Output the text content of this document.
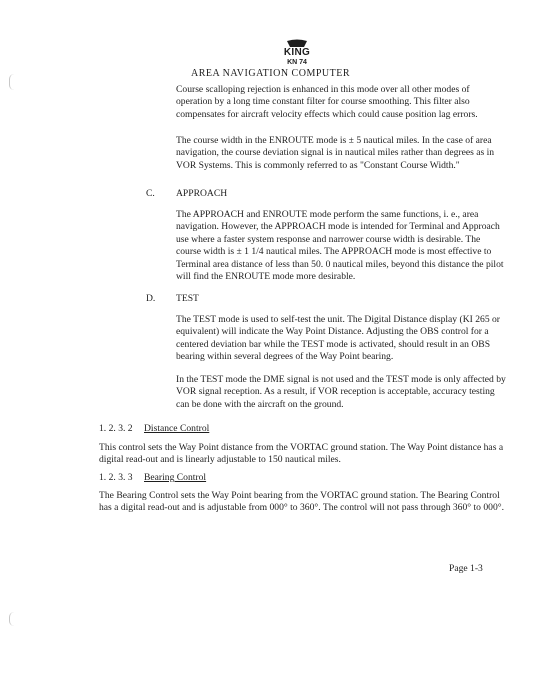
KING
KN 74
AREA NAVIGATION COMPUTER

Course scalloping rejection is enhanced in this mode over all other modes of operation by a long time constant filter for course smoothing. This filter also compensates for aircraft velocity effects which could cause position lag errors.

The course width in the ENROUTE mode is ± 5 nautical miles. In the case of area navigation, the course deviation signal is in nautical miles rather than degrees as in VOR Systems. This is commonly referred to as "Constant Course Width."

C. APPROACH

The APPROACH and ENROUTE mode perform the same functions, i. e., area navigation. However, the APPROACH mode is intended for Terminal and Approach use where a faster system response and narrower course width is desirable. The course width is ± 1 1/4 nautical miles. The APPROACH mode is most effective to Terminal area distance of less than 50. 0 nautical miles, beyond this distance the pilot will find the ENROUTE mode more desirable.

D. TEST

The TEST mode is used to self-test the unit. The Digital Distance display (KI 265 or equivalent) will indicate the Way Point Distance. Adjusting the OBS control for a centered deviation bar while the TEST mode is activated, should result in an OBS bearing within several degrees of the Way Point bearing.

In the TEST mode the DME signal is not used and the TEST mode is only affected by VOR signal reception. As a result, if VOR reception is acceptable, accuracy testing can be done with the aircraft on the ground.

1. 2. 3. 2 Distance Control

This control sets the Way Point distance from the VORTAC ground station. The Way Point distance has a digital read-out and is linearly adjustable to 150 nautical miles.

1. 2. 3. 3 Bearing Control

The Bearing Control sets the Way Point bearing from the VORTAC ground station. The Bearing Control has a digital read-out and is adjustable from 000° to 360°. The control will not pass through 360° to 000°.

Page 1-3
